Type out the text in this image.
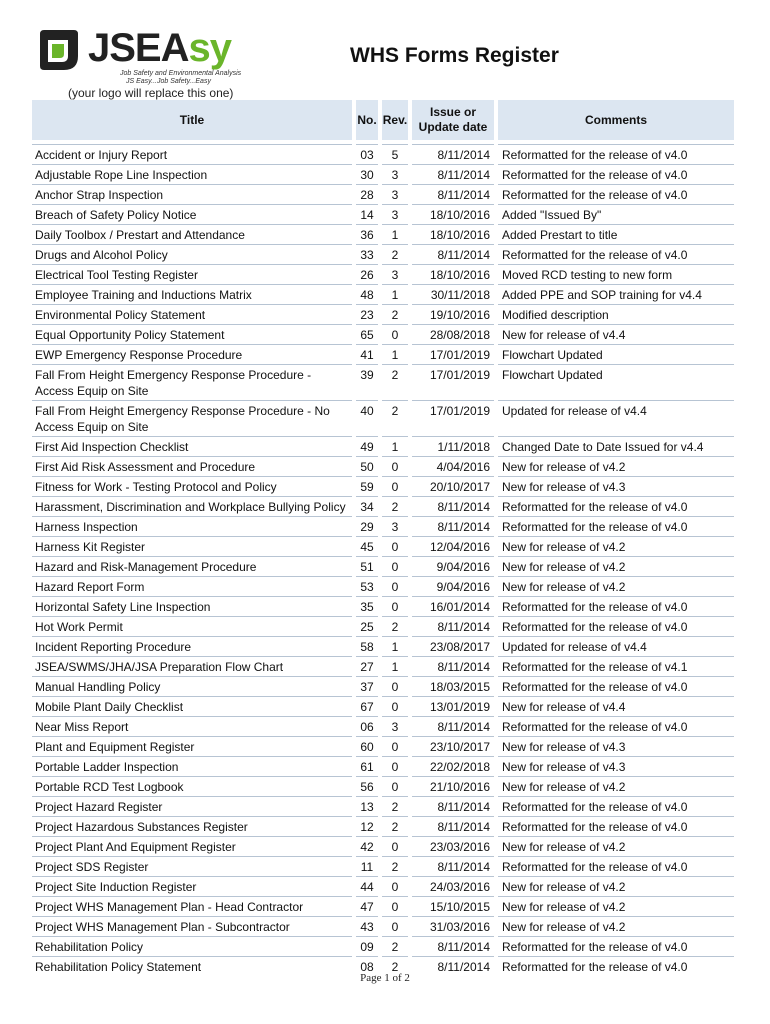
JSEAsy
Job Safety and Environmental Analysis
JS Easy...Job Safety...Easy
(your logo will replace this one)
WHS Forms Register
Title	No.	Rev.	Issue or Update date	Comments

Accident or Injury Report	03	5	8/11/2014	Reformatted for the release of v4.0
Adjustable Rope Line Inspection	30	3	8/11/2014	Reformatted for the release of v4.0
Anchor Strap Inspection	28	3	8/11/2014	Reformatted for the release of v4.0
Breach of Safety Policy Notice	14	3	18/10/2016	Added "Issued By"
Daily Toolbox / Prestart and Attendance	36	1	18/10/2016	Added Prestart to title
Drugs and Alcohol Policy	33	2	8/11/2014	Reformatted for the release of v4.0
Electrical Tool Testing Register	26	3	18/10/2016	Moved RCD testing to new form
Employee Training and Inductions Matrix	48	1	30/11/2018	Added PPE and SOP training for v4.4
Environmental Policy Statement	23	2	19/10/2016	Modified description
Equal Opportunity Policy Statement	65	0	28/08/2018	New for release of v4.4
EWP Emergency Response Procedure	41	1	17/01/2019	Flowchart Updated
Fall From Height Emergency Response Procedure - Access Equip on Site	39	2	17/01/2019	Flowchart Updated
Fall From Height Emergency Response Procedure - No Access Equip on Site	40	2	17/01/2019	Updated for release of v4.4
First Aid Inspection Checklist	49	1	1/11/2018	Changed Date to Date Issued for v4.4
First Aid Risk Assessment and Procedure	50	0	4/04/2016	New for release of v4.2
Fitness for Work - Testing Protocol and Policy	59	0	20/10/2017	New for release of v4.3
Harassment, Discrimination and Workplace Bullying Policy	34	2	8/11/2014	Reformatted for the release of v4.0
Harness Inspection	29	3	8/11/2014	Reformatted for the release of v4.0
Harness Kit Register	45	0	12/04/2016	New for release of v4.2
Hazard and Risk-Management Procedure	51	0	9/04/2016	New for release of v4.2
Hazard Report Form	53	0	9/04/2016	New for release of v4.2
Horizontal Safety Line Inspection	35	0	16/01/2014	Reformatted for the release of v4.0
Hot Work Permit	25	2	8/11/2014	Reformatted for the release of v4.0
Incident Reporting Procedure	58	1	23/08/2017	Updated for release of v4.4
JSEA/SWMS/JHA/JSA Preparation Flow Chart	27	1	8/11/2014	Reformatted for the release of v4.1
Manual Handling Policy	37	0	18/03/2015	Reformatted for the release of v4.0
Mobile Plant Daily Checklist	67	0	13/01/2019	New for release of v4.4
Near Miss Report	06	3	8/11/2014	Reformatted for the release of v4.0
Plant and Equipment Register	60	0	23/10/2017	New for release of v4.3
Portable Ladder Inspection	61	0	22/02/2018	New for release of v4.3
Portable RCD Test Logbook	56	0	21/10/2016	New for release of v4.2
Project Hazard Register	13	2	8/11/2014	Reformatted for the release of v4.0
Project Hazardous Substances Register	12	2	8/11/2014	Reformatted for the release of v4.0
Project Plant And Equipment Register	42	0	23/03/2016	New for release of v4.2
Project SDS Register	11	2	8/11/2014	Reformatted for the release of v4.0
Project Site Induction Register	44	0	24/03/2016	New for release of v4.2
Project WHS Management Plan - Head Contractor	47	0	15/10/2015	New for release of v4.2
Project WHS Management Plan - Subcontractor	43	0	31/03/2016	New for release of v4.2
Rehabilitation Policy	09	2	8/11/2014	Reformatted for the release of v4.0
Rehabilitation Policy Statement	08	2	8/11/2014	Reformatted for the release of v4.0
Page 1 of 2
